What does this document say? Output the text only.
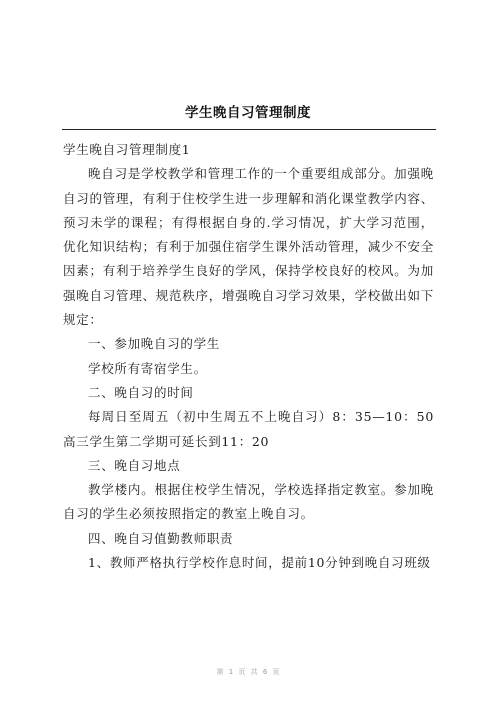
学生晚自习管理制度

学生晚自习管理制度1

晚自习是学校教学和管理工作的一个重要组成部分。加强晚自习的管理，有利于住校学生进一步理解和消化课堂教学内容、预习未学的课程；有得根据自身的.学习情况，扩大学习范围，优化知识结构；有利于加强住宿学生课外活动管理，减少不安全因素；有利于培养学生良好的学风，保持学校良好的校风。为加强晚自习管理、规范秩序，增强晚自习学习效果，学校做出如下规定：

一、参加晚自习的学生

学校所有寄宿学生。

二、晚自习的时间

每周日至周五（初中生周五不上晚自习）8：35—10：50 高三学生第二学期可延长到11：20

三、晚自习地点

教学楼内。根据住校学生情况，学校选择指定教室。参加晚自习的学生必须按照指定的教室上晚自习。

四、晚自习值勤教师职责

1、教师严格执行学校作息时间，提前10分钟到晚自习班级

第 1 页 共 6 页
